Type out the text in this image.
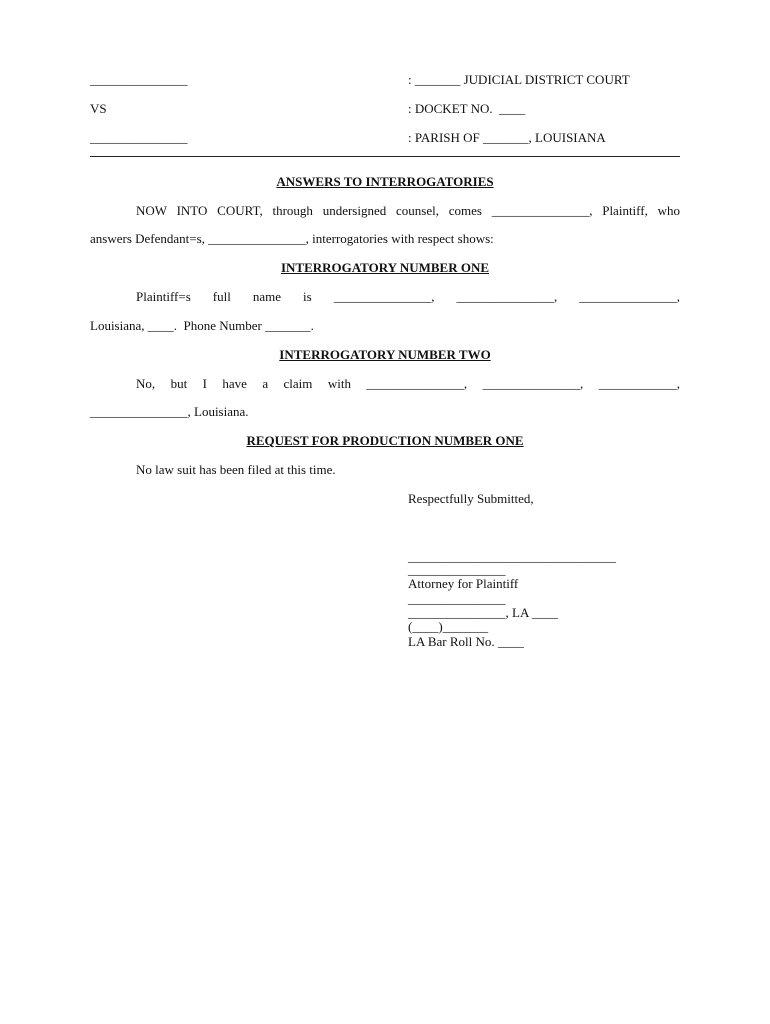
_______________	: _______ JUDICIAL DISTRICT COURT
VS	: DOCKET NO.  ____
_______________	: PARISH OF _______, LOUISIANA
ANSWERS TO INTERROGATORIES
NOW INTO COURT, through undersigned counsel, comes _______________, Plaintiff, who
answers Defendant=s, _______________, interrogatories with respect shows:
INTERROGATORY NUMBER ONE
Plaintiff=s full name is _______________, _______________, _______________,
Louisiana, ____.  Phone Number _______.
INTERROGATORY NUMBER TWO
No, but I have a claim with _______________, _______________, ____________,
_______________, Louisiana.
REQUEST FOR PRODUCTION NUMBER ONE
No law suit has been filed at this time.
Respectfully Submitted,
________________________________
_______________
Attorney for Plaintiff
_______________
_______________, LA ____
(____)_______
LA Bar Roll No. ____
